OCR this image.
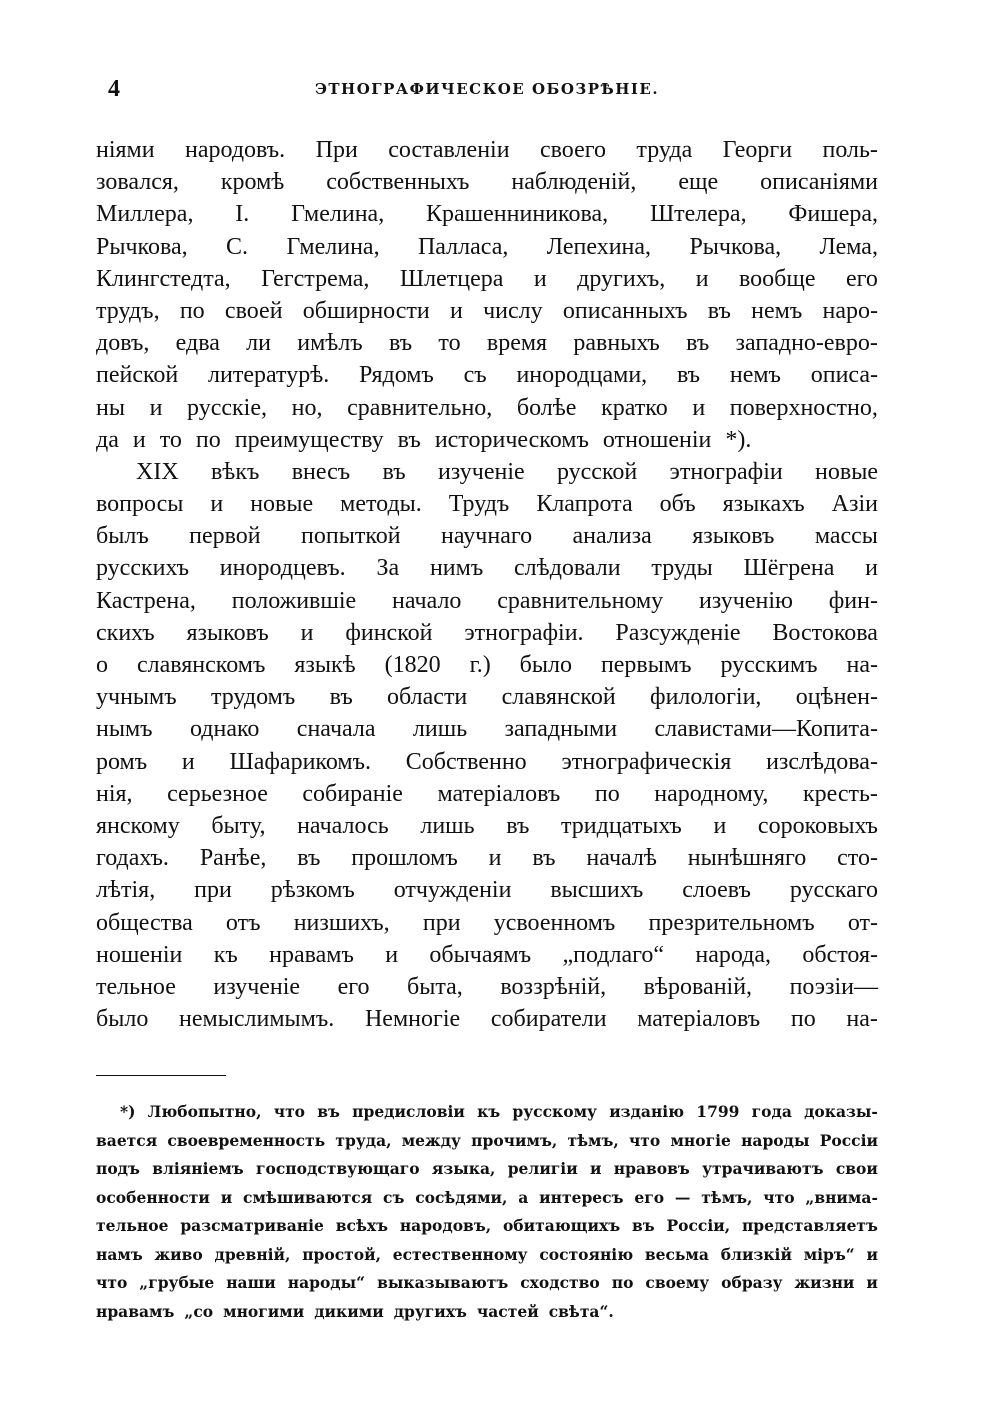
4	ЭТНОГРАФИЧЕСКОЕ ОБОЗРѢНІЕ.
ніями народовъ. При составленіи своего труда Георги поль-
зовался, кромѣ собственныхъ наблюденій, еще описаніями
Миллера, І. Гмелина, Крашенниникова, Штелера, Фишера,
Рычкова, С. Гмелина, Палласа, Лепехина, Рычкова, Лема,
Клингстедта, Гегстрема, Шлетцера и другихъ, и вообще его
трудъ, по своей обширности и числу описанныхъ въ немъ наро-
довъ, едва ли имѣлъ въ то время равныхъ въ западно-евро-
пейской литературѣ. Рядомъ съ инородцами, въ немъ описа-
ны и русскіе, но, сравнительно, болѣе кратко и поверхностно,
да и то по преимуществу въ историческомъ отношеніи *).
XIX вѣкъ внесъ въ изученіе русской этнографіи новые
вопросы и новые методы. Трудъ Клапрота объ языкахъ Азіи
былъ первой попыткой научнаго анализа языковъ массы
русскихъ инородцевъ. За нимъ слѣдовали труды Шёгрена и
Кастрена, положившіе начало сравнительному изученію фин-
скихъ языковъ и финской этнографіи. Разсужденіе Востокова
о славянскомъ языкѣ (1820 г.) было первымъ русскимъ на-
учнымъ трудомъ въ области славянской филологіи, оцѣнен-
нымъ однако сначала лишь западными славистами—Копита-
ромъ и Шафарикомъ. Собственно этнографическія изслѣдова-
нія, серьезное собираніе матеріаловъ по народному, кресть-
янскому быту, началось лишь въ тридцатыхъ и сороковыхъ
годахъ. Ранѣе, въ прошломъ и въ началѣ нынѣшняго сто-
лѣтія, при рѣзкомъ отчужденіи высшихъ слоевъ русскаго
общества отъ низшихъ, при усвоенномъ презрительномъ от-
ношеніи къ нравамъ и обычаямъ „подлаго“ народа, обстоя-
тельное изученіе его быта, воззрѣній, вѣрованій, поэзіи—
было немыслимымъ. Немногіе собиратели матеріаловъ по на-
*) Любопытно, что въ предисловіи къ русскому изданію 1799 года доказы-
вается своевременность труда, между прочимъ, тѣмъ, что многіе народы Россіи
подъ вліяніемъ господствующаго языка, религіи и нравовъ утрачиваютъ свои
особенности и смѣшиваются съ сосѣдями, а интересъ его — тѣмъ, что „внима-
тельное разсматриваніе всѣхъ народовъ, обитающихъ въ Россіи, представляетъ
намъ живо древній, простой, естественному состоянію весьма близкій міръ“ и
что „грубые наши народы“ выказываютъ сходство по своему образу жизни и
нравамъ „со многими дикими другихъ частей свѣта“.
